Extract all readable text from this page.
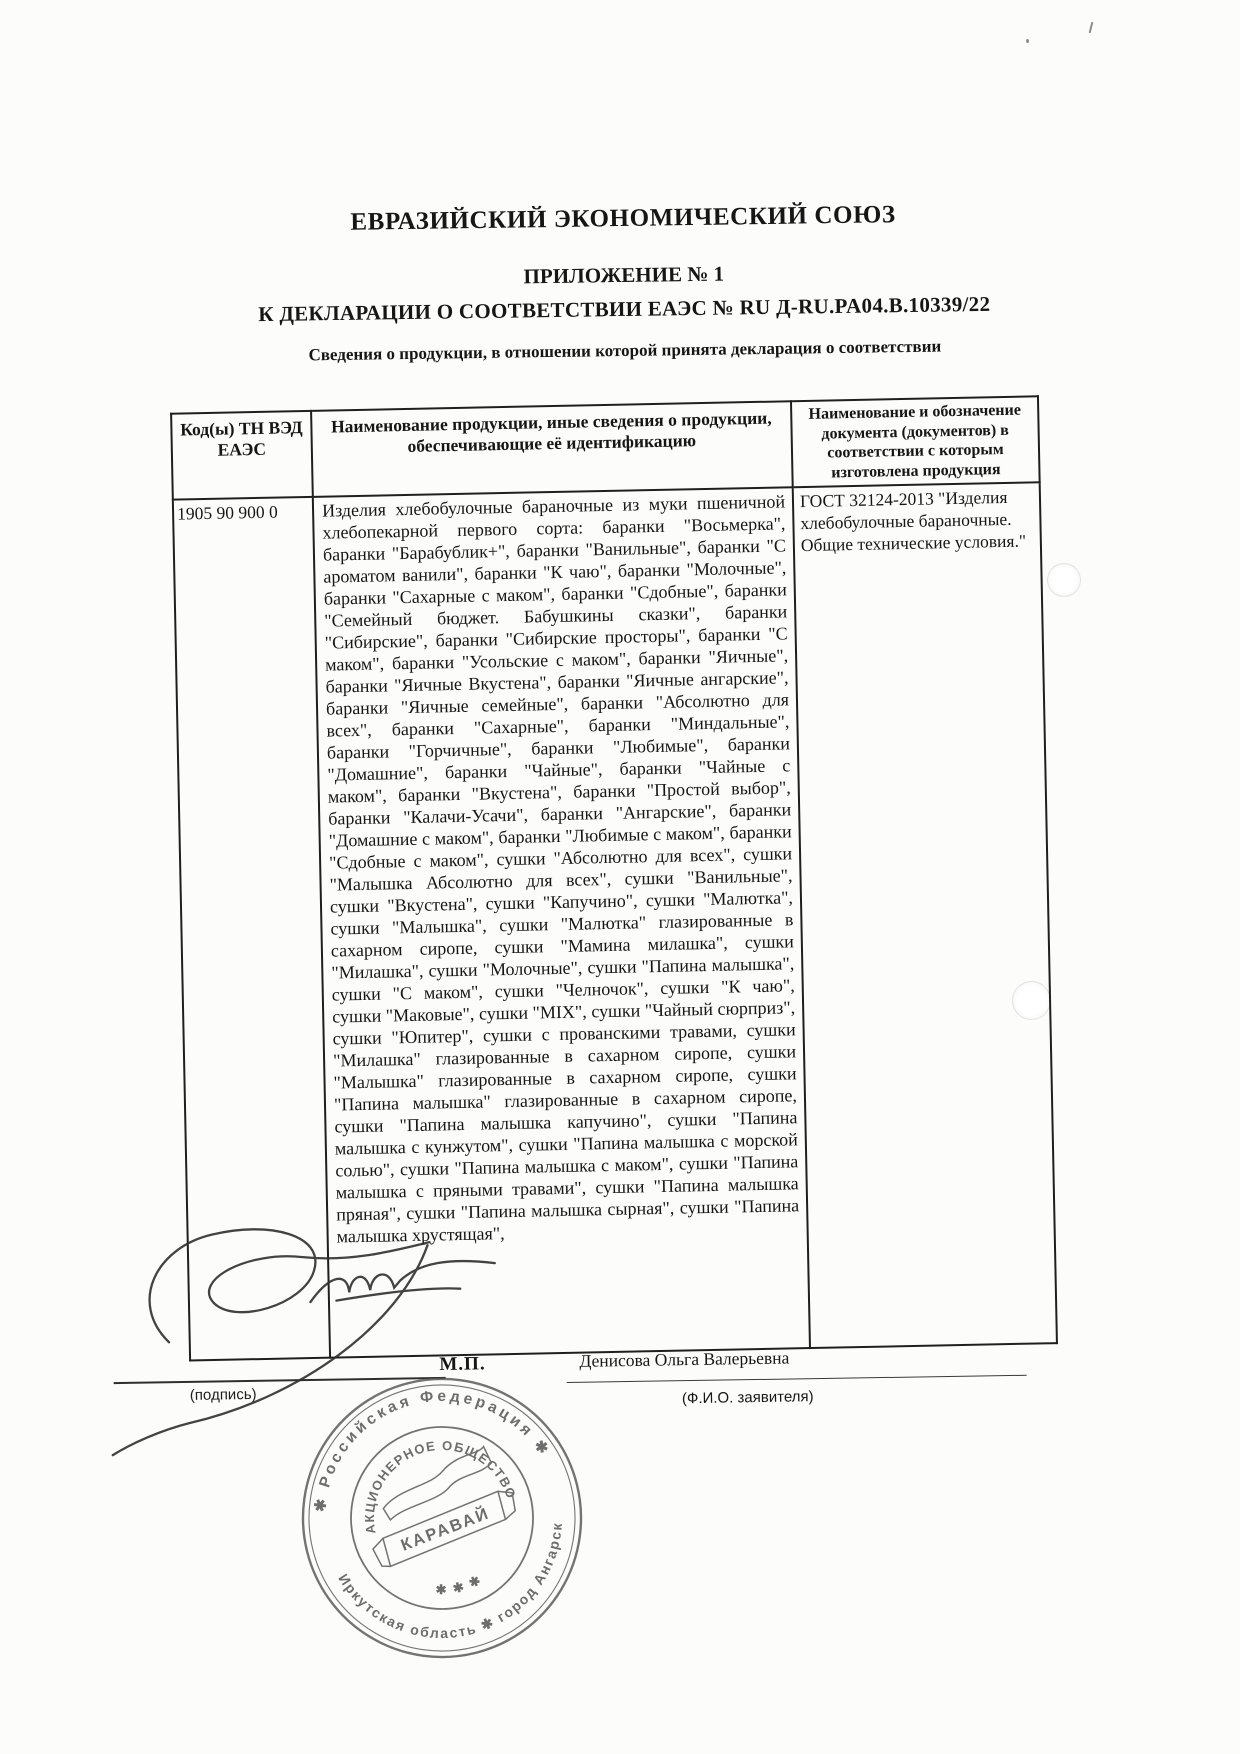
ЕВРАЗИЙСКИЙ ЭКОНОМИЧЕСКИЙ СОЮЗ
ПРИЛОЖЕНИЕ № 1
К ДЕКЛАРАЦИИ О СООТВЕТСТВИИ ЕАЭС № RU Д-RU.PA04.B.10339/22
Сведения о продукции, в отношении которой принята декларация о соответствии
Код(ы) ТН ВЭД ЕАЭС	Наименование продукции, иные сведения о продукции, обеспечивающие её идентификацию	Наименование и обозначение документа (документов) в соответствии с которым изготовлена продукция
1905 90 900 0	Изделия хлебобулочные бараночные из муки пшеничной хлебопекарной первого сорта: баранки "Восьмерка", баранки "Барабублик+", баранки "Ванильные", баранки "С ароматом ванили", баранки "К чаю", баранки "Молочные", баранки "Сахарные с маком", баранки "Сдобные", баранки "Семейный бюджет. Бабушкины сказки", баранки "Сибирские", баранки "Сибирские просторы", баранки "С маком", баранки "Усольские с маком", баранки "Яичные", баранки "Яичные Вкустена", баранки "Яичные ангарские", баранки "Яичные семейные", баранки "Абсолютно для всех", баранки "Сахарные", баранки "Миндальные", баранки "Горчичные", баранки "Любимые", баранки "Домашние", баранки "Чайные", баранки "Чайные с маком", баранки "Вкустена", баранки "Простой выбор", баранки "Калачи-Усачи", баранки "Ангарские", баранки "Домашние с маком", баранки "Любимые с маком", баранки "Сдобные с маком", сушки "Абсолютно для всех", сушки "Малышка Абсолютно для всех", сушки "Ванильные", сушки "Вкустена", сушки "Капучино", сушки "Малютка", сушки "Малышка", сушки "Малютка" глазированные в сахарном сиропе, сушки "Мамина милашка", сушки "Милашка", сушки "Молочные", сушки "Папина малышка", сушки "С маком", сушки "Челночок", сушки "К чаю", сушки "Маковые", сушки "MIX", сушки "Чайный сюрприз", сушки "Юпитер", сушки с прованскими травами, сушки "Милашка" глазированные в сахарном сиропе, сушки "Малышка" глазированные в сахарном сиропе, сушки "Папина малышка" глазированные в сахарном сиропе, сушки "Папина малышка капучино", сушки "Папина малышка с кунжутом", сушки "Папина малышка с морской солью", сушки "Папина малышка с маком", сушки "Папина малышка с пряными травами", сушки "Папина малышка пряная", сушки "Папина малышка сырная", сушки "Папина малышка хрустящая",	ГОСТ 32124-2013 "Изделия хлебобулочные бараночные. Общие технические условия."
(подпись)
М.П.	Денисова Ольга Валерьевна
(Ф.И.О. заявителя)
✱ Российская Федерация ✱
Иркутская область ✱ город Ангарск
АКЦИОНЕРНОЕ ОБЩЕСТВО
✱ ✱ ✱
КАРАВАЙ
